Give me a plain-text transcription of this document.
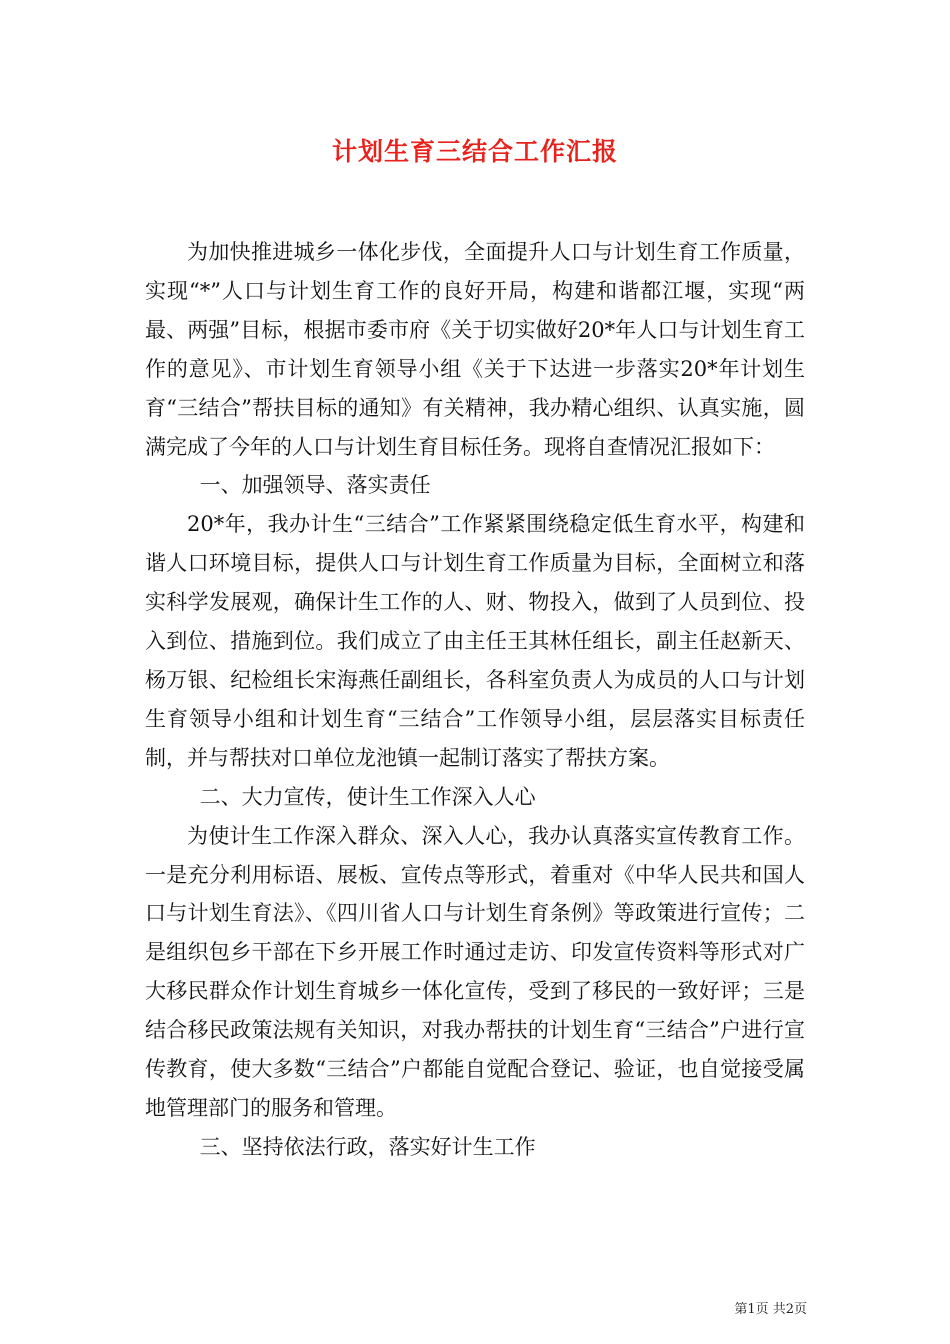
计划生育三结合工作汇报

为加快推进城乡一体化步伐，全面提升人口与计划生育工作质量，实现“*”人口与计划生育工作的良好开局，构建和谐都江堰，实现“两最、两强”目标，根据市委市府《关于切实做好20*年人口与计划生育工作的意见》、市计划生育领导小组《关于下达进一步落实20*年计划生育“三结合”帮扶目标的通知》有关精神，我办精心组织、认真实施，圆满完成了今年的人口与计划生育目标任务。现将自查情况汇报如下：

一、加强领导、落实责任

20*年，我办计生“三结合”工作紧紧围绕稳定低生育水平，构建和谐人口环境目标，提供人口与计划生育工作质量为目标，全面树立和落实科学发展观，确保计生工作的人、财、物投入，做到了人员到位、投入到位、措施到位。我们成立了由主任王其林任组长，副主任赵新天、杨万银、纪检组长宋海燕任副组长，各科室负责人为成员的人口与计划生育领导小组和计划生育“三结合”工作领导小组，层层落实目标责任制，并与帮扶对口单位龙池镇一起制订落实了帮扶方案。

二、大力宣传，使计生工作深入人心

为使计生工作深入群众、深入人心，我办认真落实宣传教育工作。一是充分利用标语、展板、宣传点等形式，着重对《中华人民共和国人口与计划生育法》、《四川省人口与计划生育条例》等政策进行宣传；二是组织包乡干部在下乡开展工作时通过走访、印发宣传资料等形式对广大移民群众作计划生育城乡一体化宣传，受到了移民的一致好评；三是结合移民政策法规有关知识，对我办帮扶的计划生育“三结合”户进行宣传教育，使大多数“三结合”户都能自觉配合登记、验证，也自觉接受属地管理部门的服务和管理。

三、坚持依法行政，落实好计生工作

第1页 共2页
